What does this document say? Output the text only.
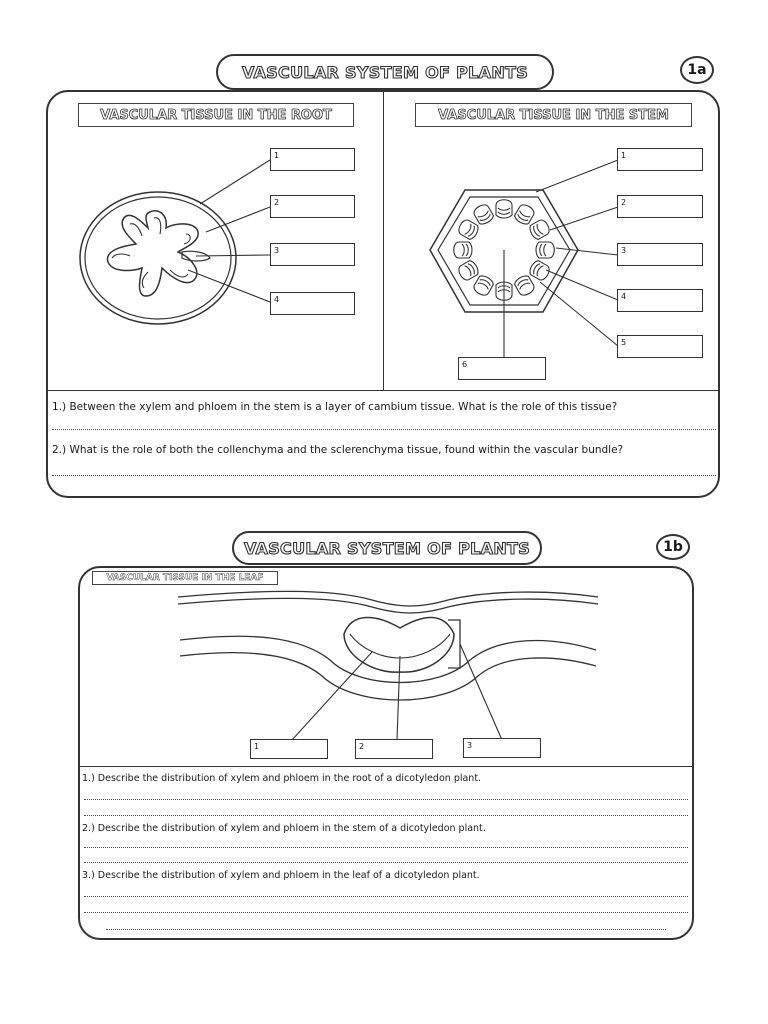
VASCULAR SYSTEM OF PLANTS	1a
VASCULAR TISSUE IN THE ROOT	VASCULAR TISSUE IN THE STEM
1
2
3
4
1
2
3
4
5
6
1.) Between the xylem and phloem in the stem is a layer of cambium tissue. What is the role of this tissue?
2.) What is the role of both the collenchyma and the sclerenchyma tissue, found within the vascular bundle?
VASCULAR SYSTEM OF PLANTS	1b
VASCULAR TISSUE IN THE LEAF
1	2	3
1.) Describe the distribution of xylem and phloem in the root of a dicotyledon plant.
2.) Describe the distribution of xylem and phloem in the stem of a dicotyledon plant.
3.) Describe the distribution of xylem and phloem in the leaf of a dicotyledon plant.
